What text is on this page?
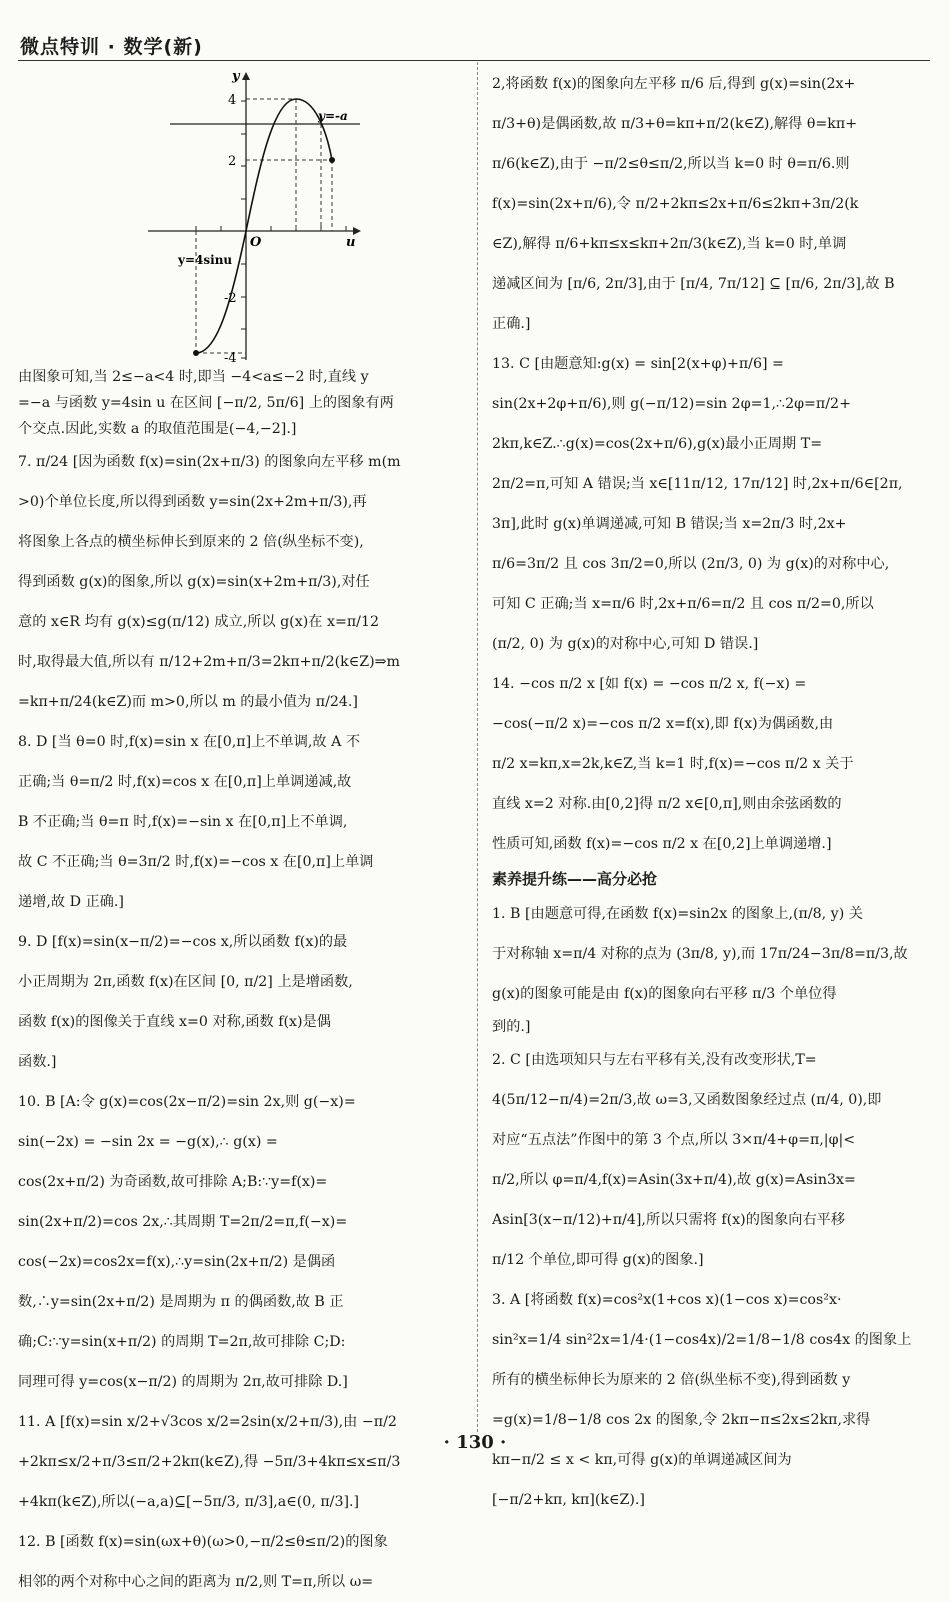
微点特训 · 数学(新)
y
u
O
4
2
-2
-4
y=-a
y=4sinu
由图象可知,当 2≤−a<4 时,即当 −4<a≤−2 时,直线 y
=−a 与函数 y=4sin u 在区间 [−π/2, 5π/6] 上的图象有两
个交点.因此,实数 a 的取值范围是(−4,−2].]
7. π/24 [因为函数 f(x)=sin(2x+π/3) 的图象向左平移 m(m
>0)个单位长度,所以得到函数 y=sin(2x+2m+π/3),再
将图象上各点的横坐标伸长到原来的 2 倍(纵坐标不变),
得到函数 g(x)的图象,所以 g(x)=sin(x+2m+π/3),对任
意的 x∈R 均有 g(x)≤g(π/12) 成立,所以 g(x)在 x=π/12
时,取得最大值,所以有 π/12+2m+π/3=2kπ+π/2(k∈Z)⇒m
=kπ+π/24(k∈Z)而 m>0,所以 m 的最小值为 π/24.]
8. D [当 θ=0 时,f(x)=sin x 在[0,π]上不单调,故 A 不
正确;当 θ=π/2 时,f(x)=cos x 在[0,π]上单调递减,故
B 不正确;当 θ=π 时,f(x)=−sin x 在[0,π]上不单调,
故 C 不正确;当 θ=3π/2 时,f(x)=−cos x 在[0,π]上单调
递增,故 D 正确.]
9. D [f(x)=sin(x−π/2)=−cos x,所以函数 f(x)的最
小正周期为 2π,函数 f(x)在区间 [0, π/2] 上是增函数,
函数 f(x)的图像关于直线 x=0 对称,函数 f(x)是偶
函数.]
10. B [A:令 g(x)=cos(2x−π/2)=sin 2x,则 g(−x)=
sin(−2x) = −sin 2x = −g(x),∴ g(x) =
cos(2x+π/2) 为奇函数,故可排除 A;B:∵y=f(x)=
sin(2x+π/2)=cos 2x,∴其周期 T=2π/2=π,f(−x)=
cos(−2x)=cos2x=f(x),∴y=sin(2x+π/2) 是偶函
数,∴y=sin(2x+π/2) 是周期为 π 的偶函数,故 B 正
确;C:∵y=sin(x+π/2) 的周期 T=2π,故可排除 C;D:
同理可得 y=cos(x−π/2) 的周期为 2π,故可排除 D.]
11. A [f(x)=sin x/2+√3cos x/2=2sin(x/2+π/3),由 −π/2
+2kπ≤x/2+π/3≤π/2+2kπ(k∈Z),得 −5π/3+4kπ≤x≤π/3
+4kπ(k∈Z),所以(−a,a)⊆[−5π/3, π/3],a∈(0, π/3].]
12. B [函数 f(x)=sin(ωx+θ)(ω>0,−π/2≤θ≤π/2)的图象
相邻的两个对称中心之间的距离为 π/2,则 T=π,所以 ω=
2,将函数 f(x)的图象向左平移 π/6 后,得到 g(x)=sin(2x+
π/3+θ)是偶函数,故 π/3+θ=kπ+π/2(k∈Z),解得 θ=kπ+
π/6(k∈Z),由于 −π/2≤θ≤π/2,所以当 k=0 时 θ=π/6.则
f(x)=sin(2x+π/6),令 π/2+2kπ≤2x+π/6≤2kπ+3π/2(k
∈Z),解得 π/6+kπ≤x≤kπ+2π/3(k∈Z),当 k=0 时,单调
递减区间为 [π/6, 2π/3],由于 [π/4, 7π/12] ⊆ [π/6, 2π/3],故 B
正确.]
13. C [由题意知:g(x) = sin[2(x+φ)+π/6] =
sin(2x+2φ+π/6),则 g(−π/12)=sin 2φ=1,∴2φ=π/2+
2kπ,k∈Z.∴g(x)=cos(2x+π/6),g(x)最小正周期 T=
2π/2=π,可知 A 错误;当 x∈[11π/12, 17π/12] 时,2x+π/6∈[2π,
3π],此时 g(x)单调递减,可知 B 错误;当 x=2π/3 时,2x+
π/6=3π/2 且 cos 3π/2=0,所以 (2π/3, 0) 为 g(x)的对称中心,
可知 C 正确;当 x=π/6 时,2x+π/6=π/2 且 cos π/2=0,所以
(π/2, 0) 为 g(x)的对称中心,可知 D 错误.]
14. −cos π/2 x [如 f(x) = −cos π/2 x, f(−x) =
−cos(−π/2 x)=−cos π/2 x=f(x),即 f(x)为偶函数,由
π/2 x=kπ,x=2k,k∈Z,当 k=1 时,f(x)=−cos π/2 x 关于
直线 x=2 对称.由[0,2]得 π/2 x∈[0,π],则由余弦函数的
性质可知,函数 f(x)=−cos π/2 x 在[0,2]上单调递增.]
素养提升练——高分必抢
1. B [由题意可得,在函数 f(x)=sin2x 的图象上,(π/8, y) 关
于对称轴 x=π/4 对称的点为 (3π/8, y),而 17π/24−3π/8=π/3,故
g(x)的图象可能是由 f(x)的图象向右平移 π/3 个单位得
到的.]
2. C [由选项知只与左右平移有关,没有改变形状,T=
4(5π/12−π/4)=2π/3,故 ω=3,又函数图象经过点 (π/4, 0),即
对应“五点法”作图中的第 3 个点,所以 3×π/4+φ=π,|φ|<
π/2,所以 φ=π/4,f(x)=Asin(3x+π/4),故 g(x)=Asin3x=
Asin[3(x−π/12)+π/4],所以只需将 f(x)的图象向右平移
π/12 个单位,即可得 g(x)的图象.]
3. A [将函数 f(x)=cos²x(1+cos x)(1−cos x)=cos²x·
sin²x=1/4 sin²2x=1/4·(1−cos4x)/2=1/8−1/8 cos4x 的图象上
所有的横坐标伸长为原来的 2 倍(纵坐标不变),得到函数 y
=g(x)=1/8−1/8 cos 2x 的图象,令 2kπ−π≤2x≤2kπ,求得
kπ−π/2 ≤ x < kπ,可得 g(x)的单调递减区间为
[−π/2+kπ, kπ](k∈Z).]
· 130 ·
